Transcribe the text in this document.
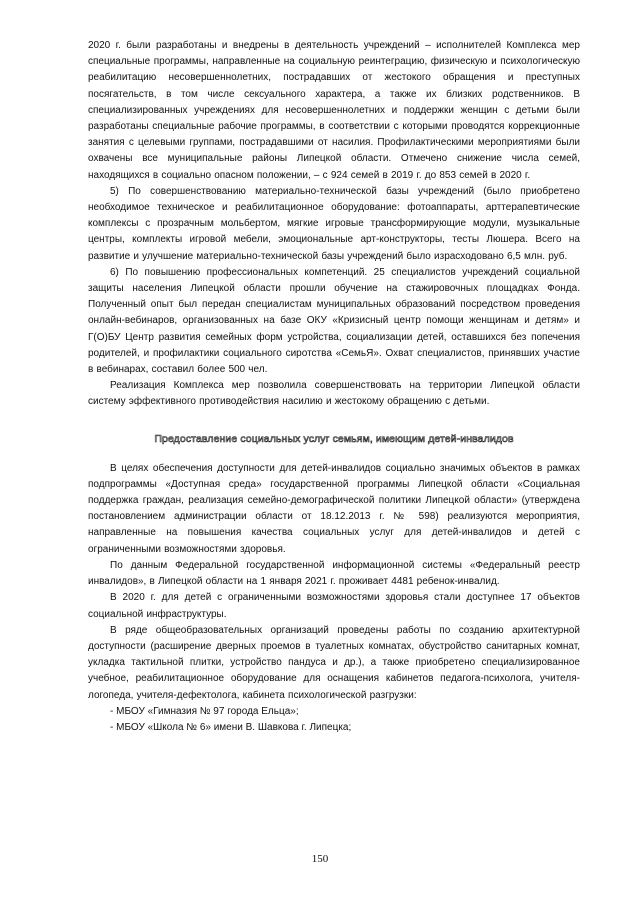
2020 г. были разработаны и внедрены в деятельность учреждений – исполнителей Комплекса мер специальные программы, направленные на социальную реинтеграцию, физическую и психологическую реабилитацию несовершеннолетних, пострадавших от жестокого обращения и преступных посягательств, в том числе сексуального характера, а также их близких родственников. В специализированных учреждениях для несовершеннолетних и поддержки женщин с детьми были разработаны специальные рабочие программы, в соответствии с которыми проводятся коррекционные занятия с целевыми группами, пострадавшими от насилия. Профилактическими мероприятиями были охвачены все муниципальные районы Липецкой области. Отмечено снижение числа семей, находящихся в социально опасном положении, – с 924 семей в 2019 г. до 853 семей в 2020 г.

5) По совершенствованию материально-технической базы учреждений (было приобретено необходимое техническое и реабилитационное оборудование: фотоаппараты, арттерапевтические комплексы с прозрачным мольбертом, мягкие игровые трансформирующие модули, музыкальные центры, комплекты игровой мебели, эмоциональные арт-конструкторы, тесты Люшера. Всего на развитие и улучшение материально-технической базы учреждений было израсходовано 6,5 млн. руб.

6) По повышению профессиональных компетенций. 25 специалистов учреждений социальной защиты населения Липецкой области прошли обучение на стажировочных площадках Фонда. Полученный опыт был передан специалистам муниципальных образований посредством проведения онлайн-вебинаров, организованных на базе ОКУ «Кризисный центр помощи женщинам и детям» и Г(О)БУ Центр развития семейных форм устройства, социализации детей, оставшихся без попечения родителей, и профилактики социального сиротства «СемьЯ». Охват специалистов, принявших участие в вебинарах, составил более 500 чел.

Реализация Комплекса мер позволила совершенствовать на территории Липецкой области систему эффективного противодействия насилию и жестокому обращению с детьми.

Предоставление социальных услуг семьям, имеющим детей-инвалидов

В целях обеспечения доступности для детей-инвалидов социально значимых объектов в рамках подпрограммы «Доступная среда» государственной программы Липецкой области «Социальная поддержка граждан, реализация семейно-демографической политики Липецкой области» (утверждена постановлением администрации области от 18.12.2013 г. № 598) реализуются мероприятия, направленные на повышения качества социальных услуг для детей-инвалидов и детей с ограниченными возможностями здоровья.

По данным Федеральной государственной информационной системы «Федеральный реестр инвалидов», в Липецкой области на 1 января 2021 г. проживает 4481 ребенок-инвалид.

В 2020 г. для детей с ограниченными возможностями здоровья стали доступнее 17 объектов социальной инфраструктуры.

В ряде общеобразовательных организаций проведены работы по созданию архитектурной доступности (расширение дверных проемов в туалетных комнатах, обустройство санитарных комнат, укладка тактильной плитки, устройство пандуса и др.), а также приобретено специализированное учебное, реабилитационное оборудование для оснащения кабинетов педагога-психолога, учителя-логопеда, учителя-дефектолога, кабинета психологической разгрузки:

- МБОУ «Гимназия № 97 города Ельца»;

- МБОУ «Школа № 6» имени В. Шавкова г. Липецка;

150
